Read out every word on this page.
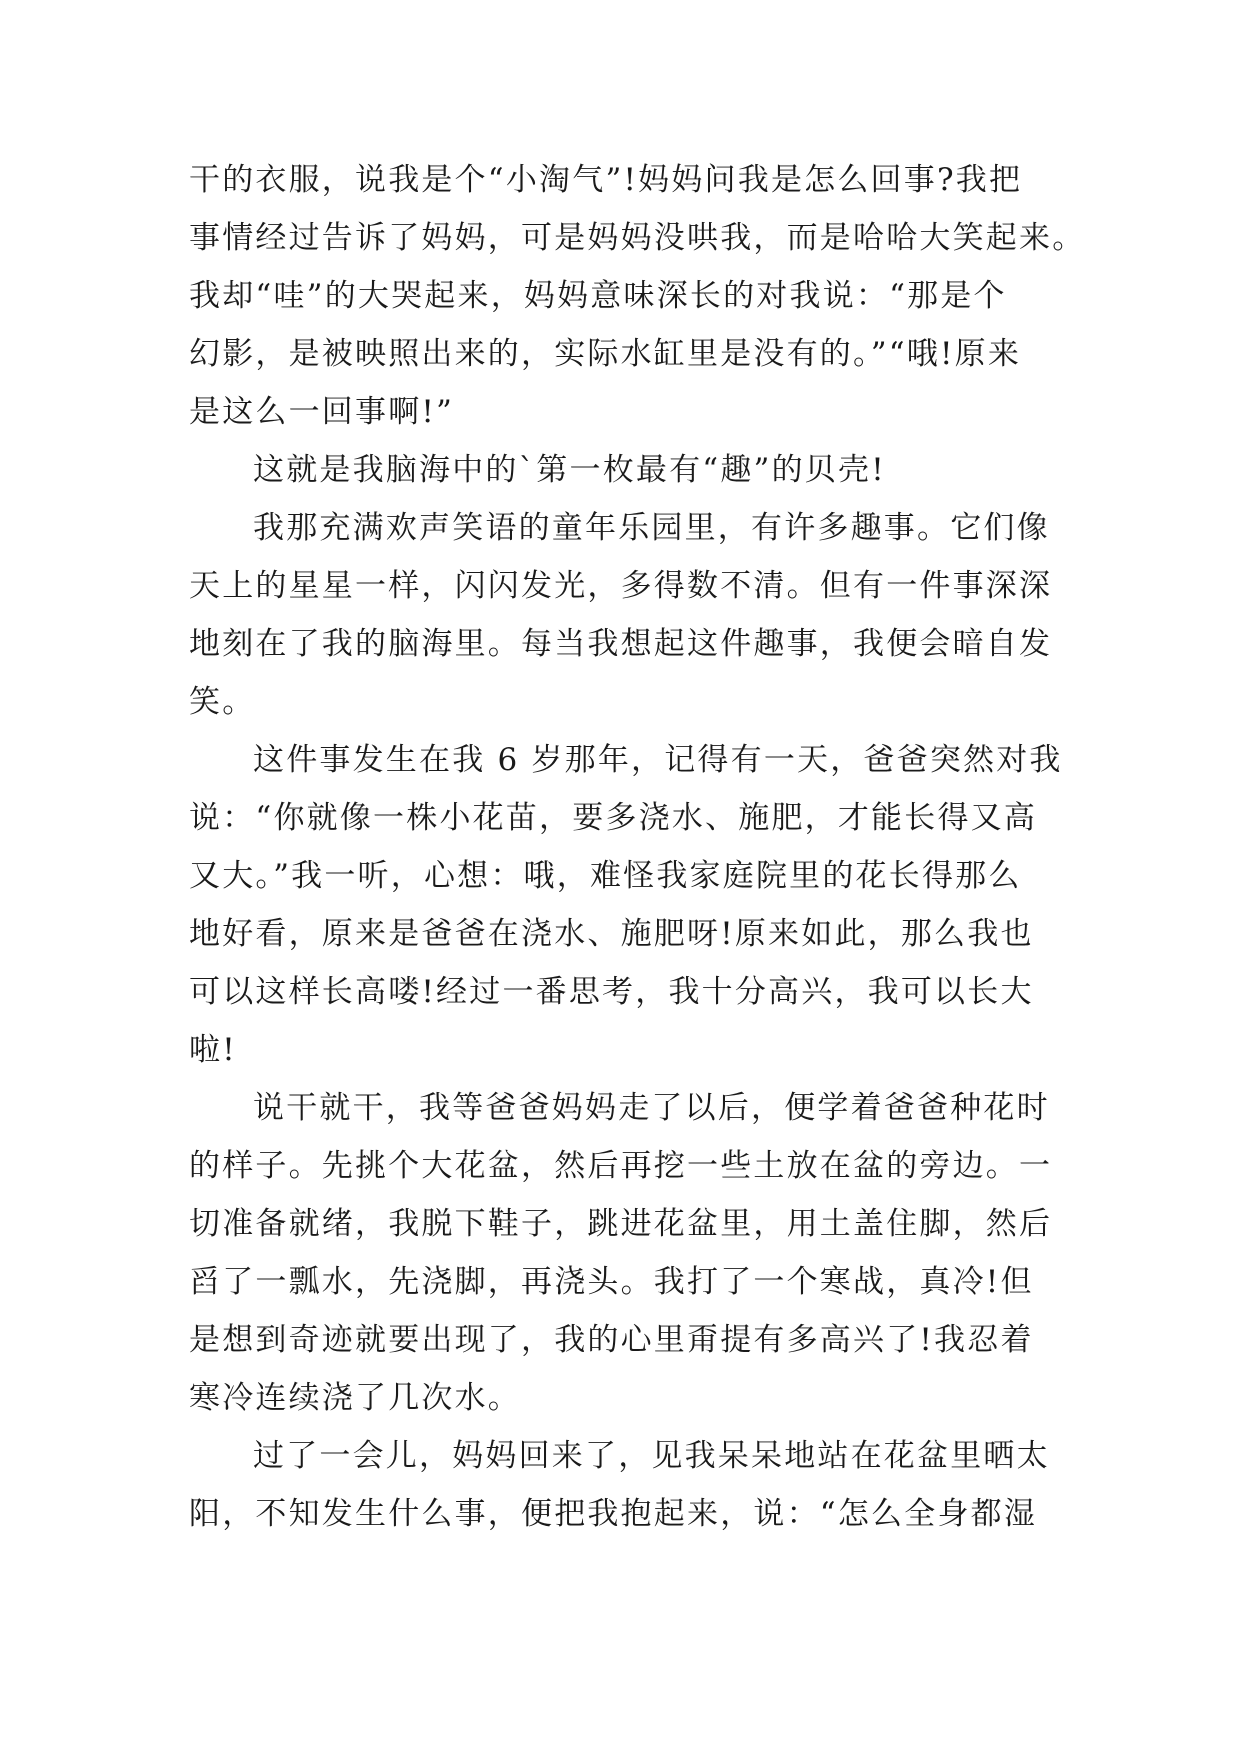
干的衣服，说我是个“小淘气”!妈妈问我是怎么回事?我把
事情经过告诉了妈妈，可是妈妈没哄我，而是哈哈大笑起来。
我却“哇”的大哭起来，妈妈意味深长的对我说：“那是个
幻影，是被映照出来的，实际水缸里是没有的。”“哦!原来
是这么一回事啊!”
这就是我脑海中的`第一枚最有“趣”的贝壳!
我那充满欢声笑语的童年乐园里，有许多趣事。它们像
天上的星星一样，闪闪发光，多得数不清。但有一件事深深
地刻在了我的脑海里。每当我想起这件趣事，我便会暗自发
笑。
这件事发生在我 6 岁那年，记得有一天，爸爸突然对我
说：“你就像一株小花苗，要多浇水、施肥，才能长得又高
又大。”我一听，心想：哦，难怪我家庭院里的花长得那么
地好看，原来是爸爸在浇水、施肥呀!原来如此，那么我也
可以这样长高喽!经过一番思考，我十分高兴，我可以长大
啦!
说干就干，我等爸爸妈妈走了以后，便学着爸爸种花时
的样子。先挑个大花盆，然后再挖一些土放在盆的旁边。一
切准备就绪，我脱下鞋子，跳进花盆里，用土盖住脚，然后
舀了一瓢水，先浇脚，再浇头。我打了一个寒战，真冷!但
是想到奇迹就要出现了，我的心里甭提有多高兴了!我忍着
寒冷连续浇了几次水。
过了一会儿，妈妈回来了，见我呆呆地站在花盆里晒太
阳，不知发生什么事，便把我抱起来，说：“怎么全身都湿
